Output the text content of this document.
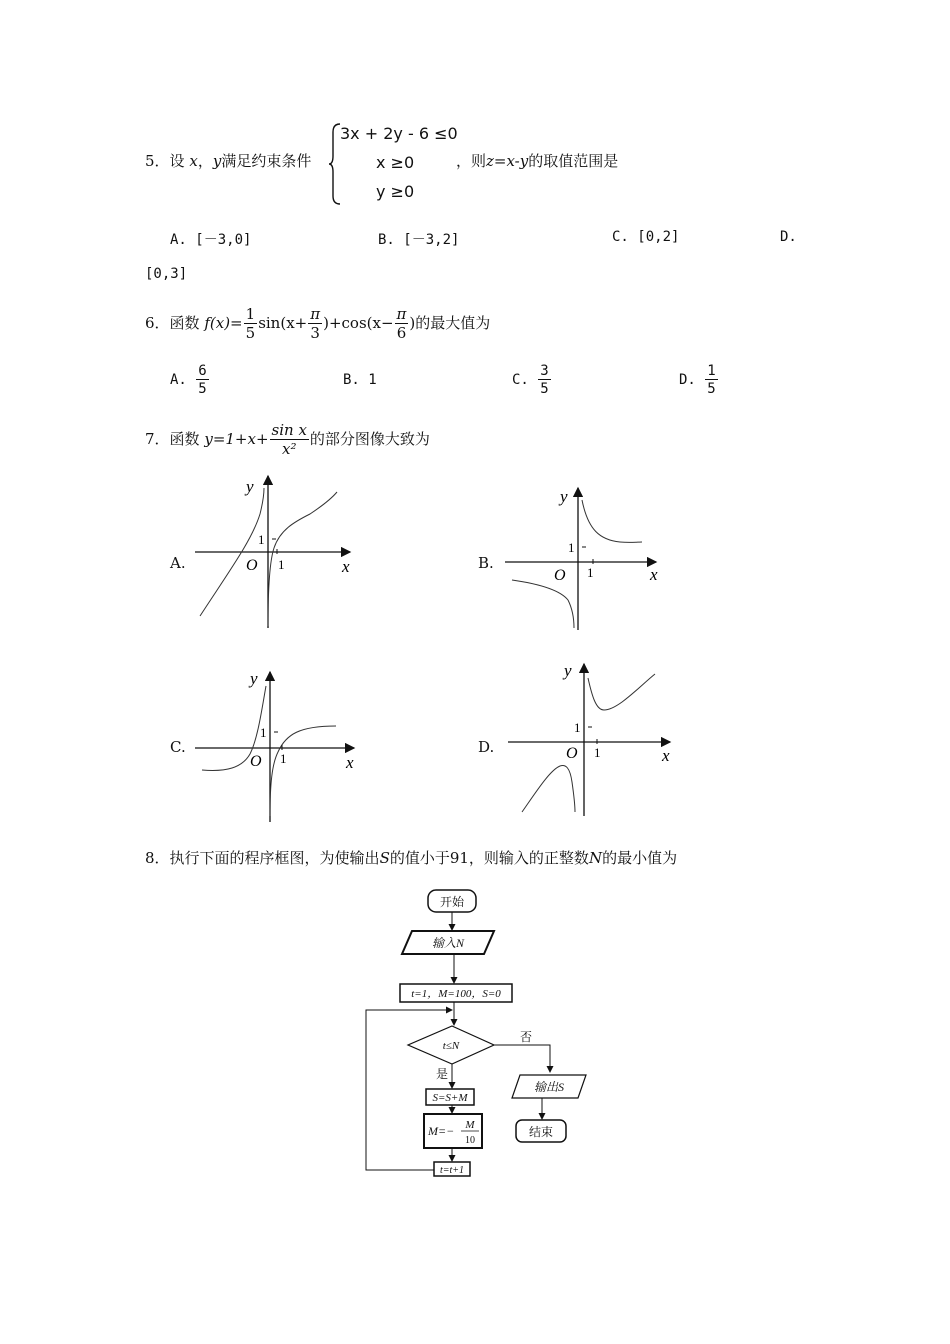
5．设 x，y满足约束条件
3x + 2y - 6 ≤0
x ≥0
y ≥0
，则z=x-y的取值范围是
A. [－3,0]	B. [－3,2]	C. [0,2]	D.
[0,3]
6．函数 $f(x)= \frac{1}{5} \sin(x+ \frac{\pi}{3} )+\cos(x- \frac{\pi}{6}$ )的最大值为
A. $\frac{6}{5}$	B. 1	C. $\frac{3}{5}$	D. $\frac{1}{5}$
7．函数 $y=1+x+ \frac{\text{sin x}}{\text{x²}}$ 的部分图像大致为
A.
y
x
O 1
1
B.
y
x
O 1
1
C.
y
x
O 1
1
D.
y
x
O 1
1
8．执行下面的程序框图，为使输出S的值小于91，则输入的正整数N的最小值为
开始
输入N
t=1，M=100，S=0
t≤N
否
输出S
结束
是
S=S+M
M=− M
10
t=t+1
